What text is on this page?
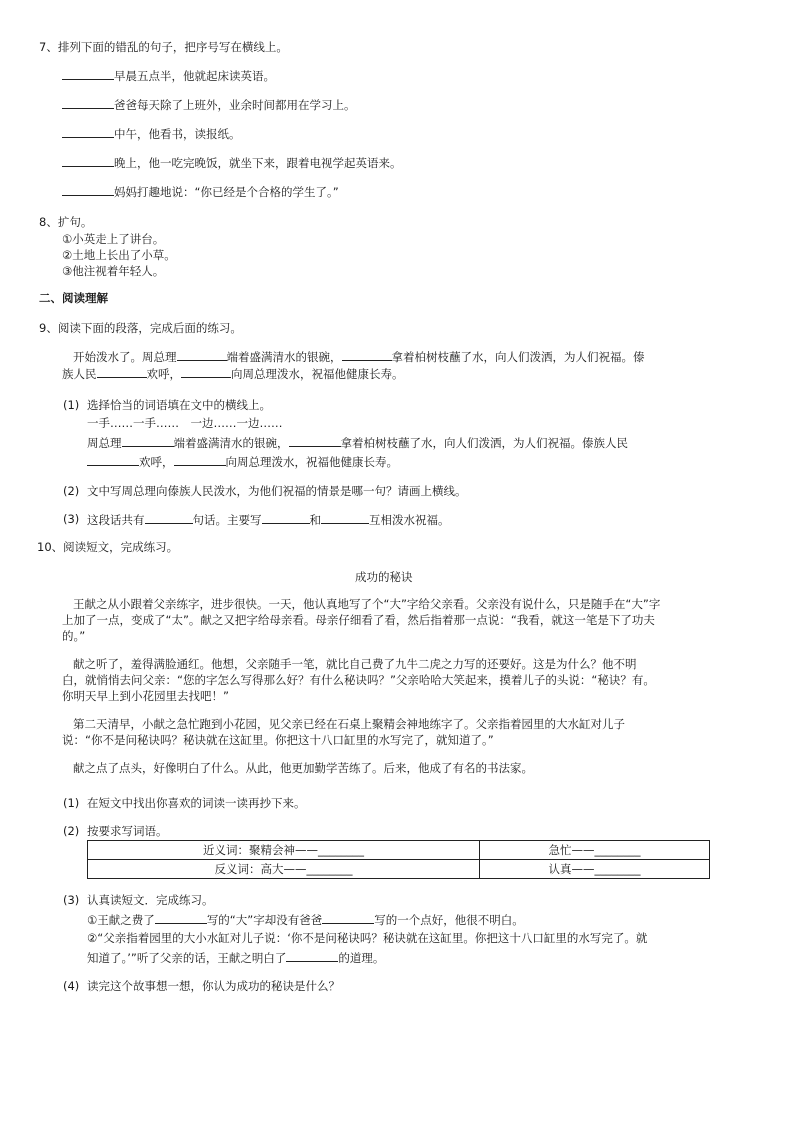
7、排列下面的错乱的句子，把序号写在横线上。
早晨五点半，他就起床读英语。
爸爸每天除了上班外，业余时间都用在学习上。
中午，他看书，读报纸。
晚上，他一吃完晚饭，就坐下来，跟着电视学起英语来。
妈妈打趣地说：“你已经是个合格的学生了。”
8、扩句。
①小英走上了讲台。
②土地上长出了小草。
③他注视着年轻人。
二、阅读理解
9、阅读下面的段落，完成后面的练习。
开始泼水了。周总理	端着盛满清水的银碗，	拿着柏树枝蘸了水，向人们泼洒，为人们祝福。傣
族人民	欢呼，	向周总理泼水，祝福他健康长寿。
(1) 选择恰当的词语填在文中的横线上。
一手……一手……　一边……一边……
周总理	端着盛满清水的银碗，	拿着柏树枝蘸了水，向人们泼洒，为人们祝福。傣族人民
欢呼，	向周总理泼水，祝福他健康长寿。
(2) 文中写周总理向傣族人民泼水，为他们祝福的情景是哪一句？请画上横线。
(3) 这段话共有	句话。主要写	和	互相泼水祝福。
10、阅读短文，完成练习。
成功的秘诀
王献之从小跟着父亲练字，进步很快。一天，他认真地写了个“大”字给父亲看。父亲没有说什么，只是随手在“大”字
上加了一点，变成了“太”。献之又把字给母亲看。母亲仔细看了看，然后指着那一点说：“我看，就这一笔是下了功夫
的。”
献之听了，羞得满脸通红。他想，父亲随手一笔，就比自己费了九牛二虎之力写的还要好。这是为什么？他不明
白，就悄悄去问父亲：“您的字怎么写得那么好？有什么秘诀吗？”父亲哈哈大笑起来，摸着儿子的头说：“秘诀？有。
你明天早上到小花园里去找吧！”
第二天清早，小献之急忙跑到小花园，见父亲已经在石桌上聚精会神地练字了。父亲指着园里的大水缸对儿子
说：“你不是问秘诀吗？秘诀就在这缸里。你把这十八口缸里的水写完了，就知道了。”
献之点了点头，好像明白了什么。从此，他更加勤学苦练了。后来，他成了有名的书法家。
(1) 在短文中找出你喜欢的词读一读再抄下来。
(2) 按要求写词语。
近义词：聚精会神——________	急忙——________
反义词：高大——________	认真——________
(3) 认真读短文．完成练习。
①王献之费了	写的“大”字却没有爸爸	写的一个点好，他很不明白。
②“父亲指着园里的大小水缸对儿子说：‘你不是问秘诀吗？秘诀就在这缸里。你把这十八口缸里的水写完了。就
知道了。’”听了父亲的话，王献之明白了	的道理。
(4) 读完这个故事想一想，你认为成功的秘诀是什么？
